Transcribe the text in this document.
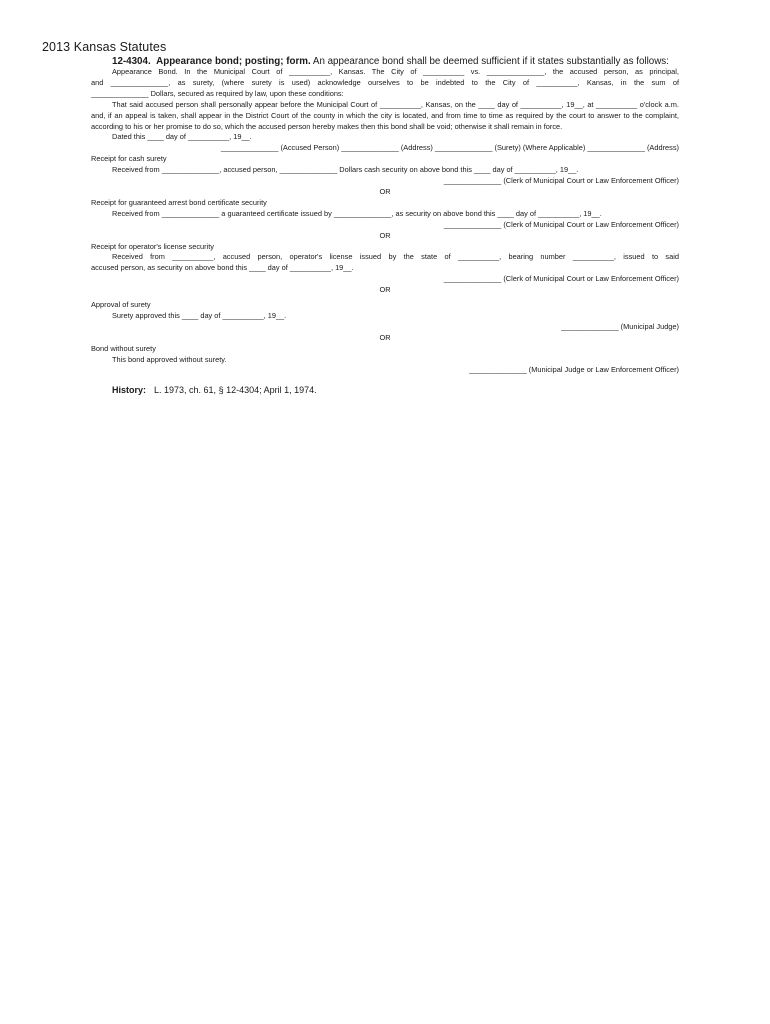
2013 Kansas Statutes

12-4304. Appearance bond; posting; form. An appearance bond shall be deemed sufficient if it states substantially as follows:

Appearance Bond. In the Municipal Court of __________, Kansas. The City of __________ vs. ______________, the accused person, as principal,

and ______________, as surety, (where surety is used) acknowledge ourselves to be indebted to the City of __________, Kansas, in the sum of

______________ Dollars, secured as required by law, upon these conditions:

That said accused person shall personally appear before the Municipal Court of __________, Kansas, on the ____ day of __________, 19__, at __________ o'clock a.m. and, if an appeal is taken, shall appear in the District Court of the county in which the city is located, and from time to time as required by the court to answer to the complaint, according to his or her promise to do so, which the accused person hereby makes then this bond shall be void; otherwise it shall remain in force.

Dated this ____ day of __________, 19__.

______________ (Accused Person) ______________ (Address) ______________ (Surety) (Where Applicable) ______________ (Address)

Receipt for cash surety

Received from ______________, accused person, ______________ Dollars cash security on above bond this ____ day of __________, 19__.

______________ (Clerk of Municipal Court or Law Enforcement Officer)

OR

Receipt for guaranteed arrest bond certificate security

Received from ______________ a guaranteed certificate issued by ______________, as security on above bond this ____ day of __________, 19__.

______________ (Clerk of Municipal Court or Law Enforcement Officer)

OR

Receipt for operator's license security

Received from __________, accused person, operator's license issued by the state of __________, bearing number __________, issued to said

accused person, as security on above bond this ____ day of __________, 19__.

______________ (Clerk of Municipal Court or Law Enforcement Officer)

OR

Approval of surety

Surety approved this ____ day of __________, 19__.

______________ (Municipal Judge)

OR

Bond without surety

This bond approved without surety.

______________ (Municipal Judge or Law Enforcement Officer)

History: L. 1973, ch. 61, § 12-4304; April 1, 1974.
